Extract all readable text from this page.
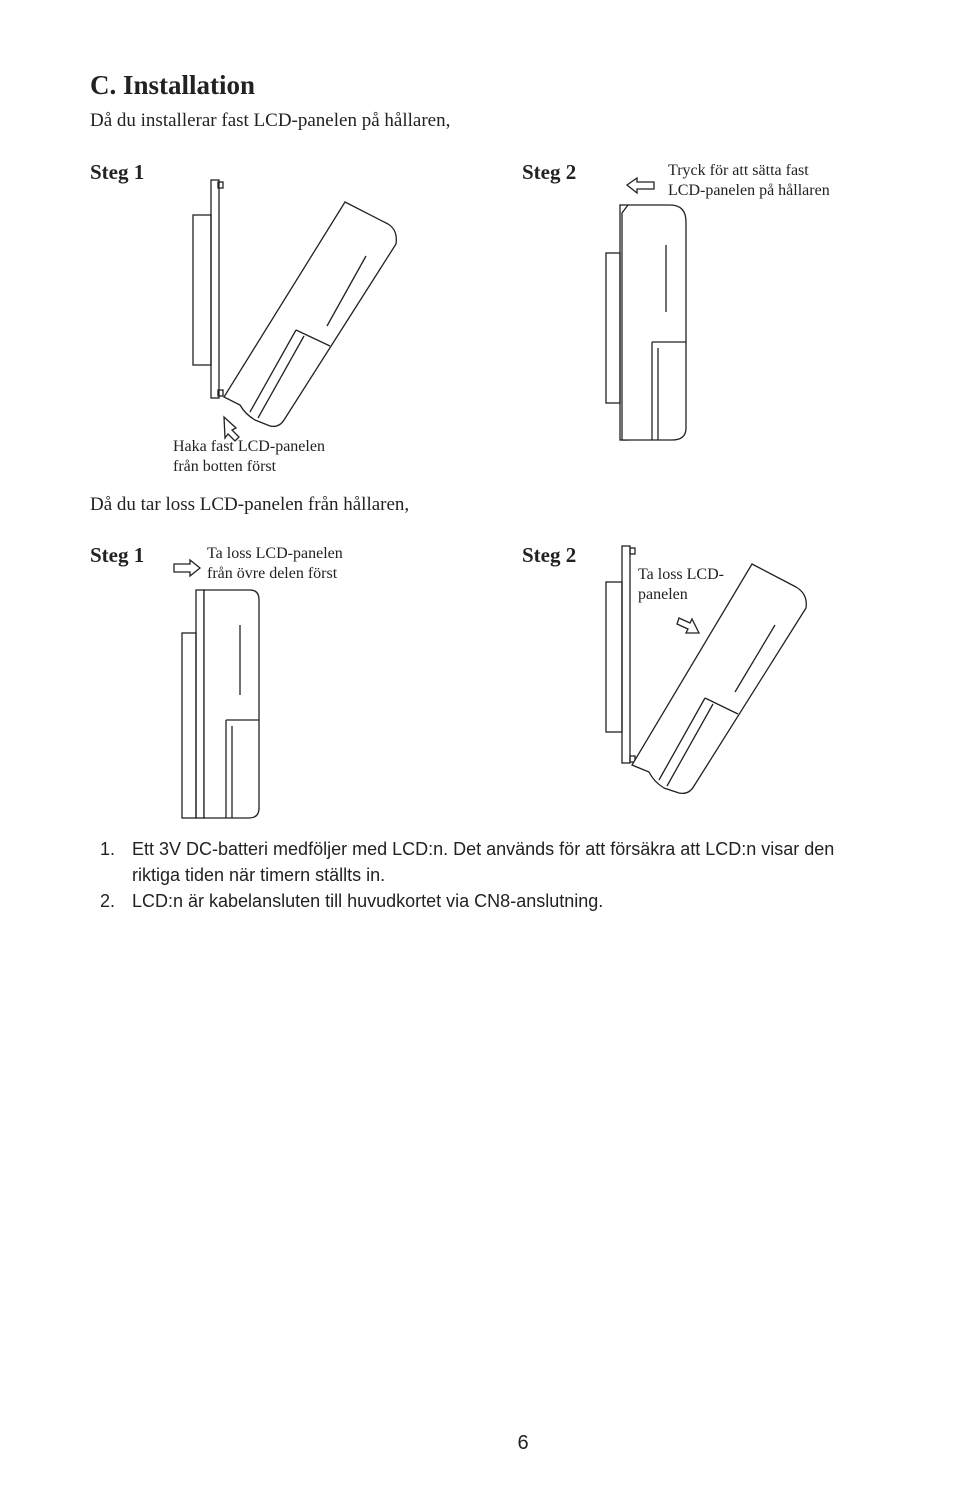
C. Installation
Då du installerar fast LCD-panelen på hållaren,
Steg 1	Steg 2	Tryck för att sätta fast
LCD-panelen på hållaren
Haka fast LCD-panelen
från botten först
Då du tar loss LCD-panelen från hållaren,
Steg 1	Steg 2
Ta loss LCD-panelen
från övre delen först	Ta loss LCD-
panelen
1. Ett 3V DC-batteri medföljer med LCD:n. Det används för att försäkra att LCD:n visar den
riktiga tiden när timern ställts in.
2. LCD:n är kabelansluten till huvudkortet via CN8-anslutning.
6
